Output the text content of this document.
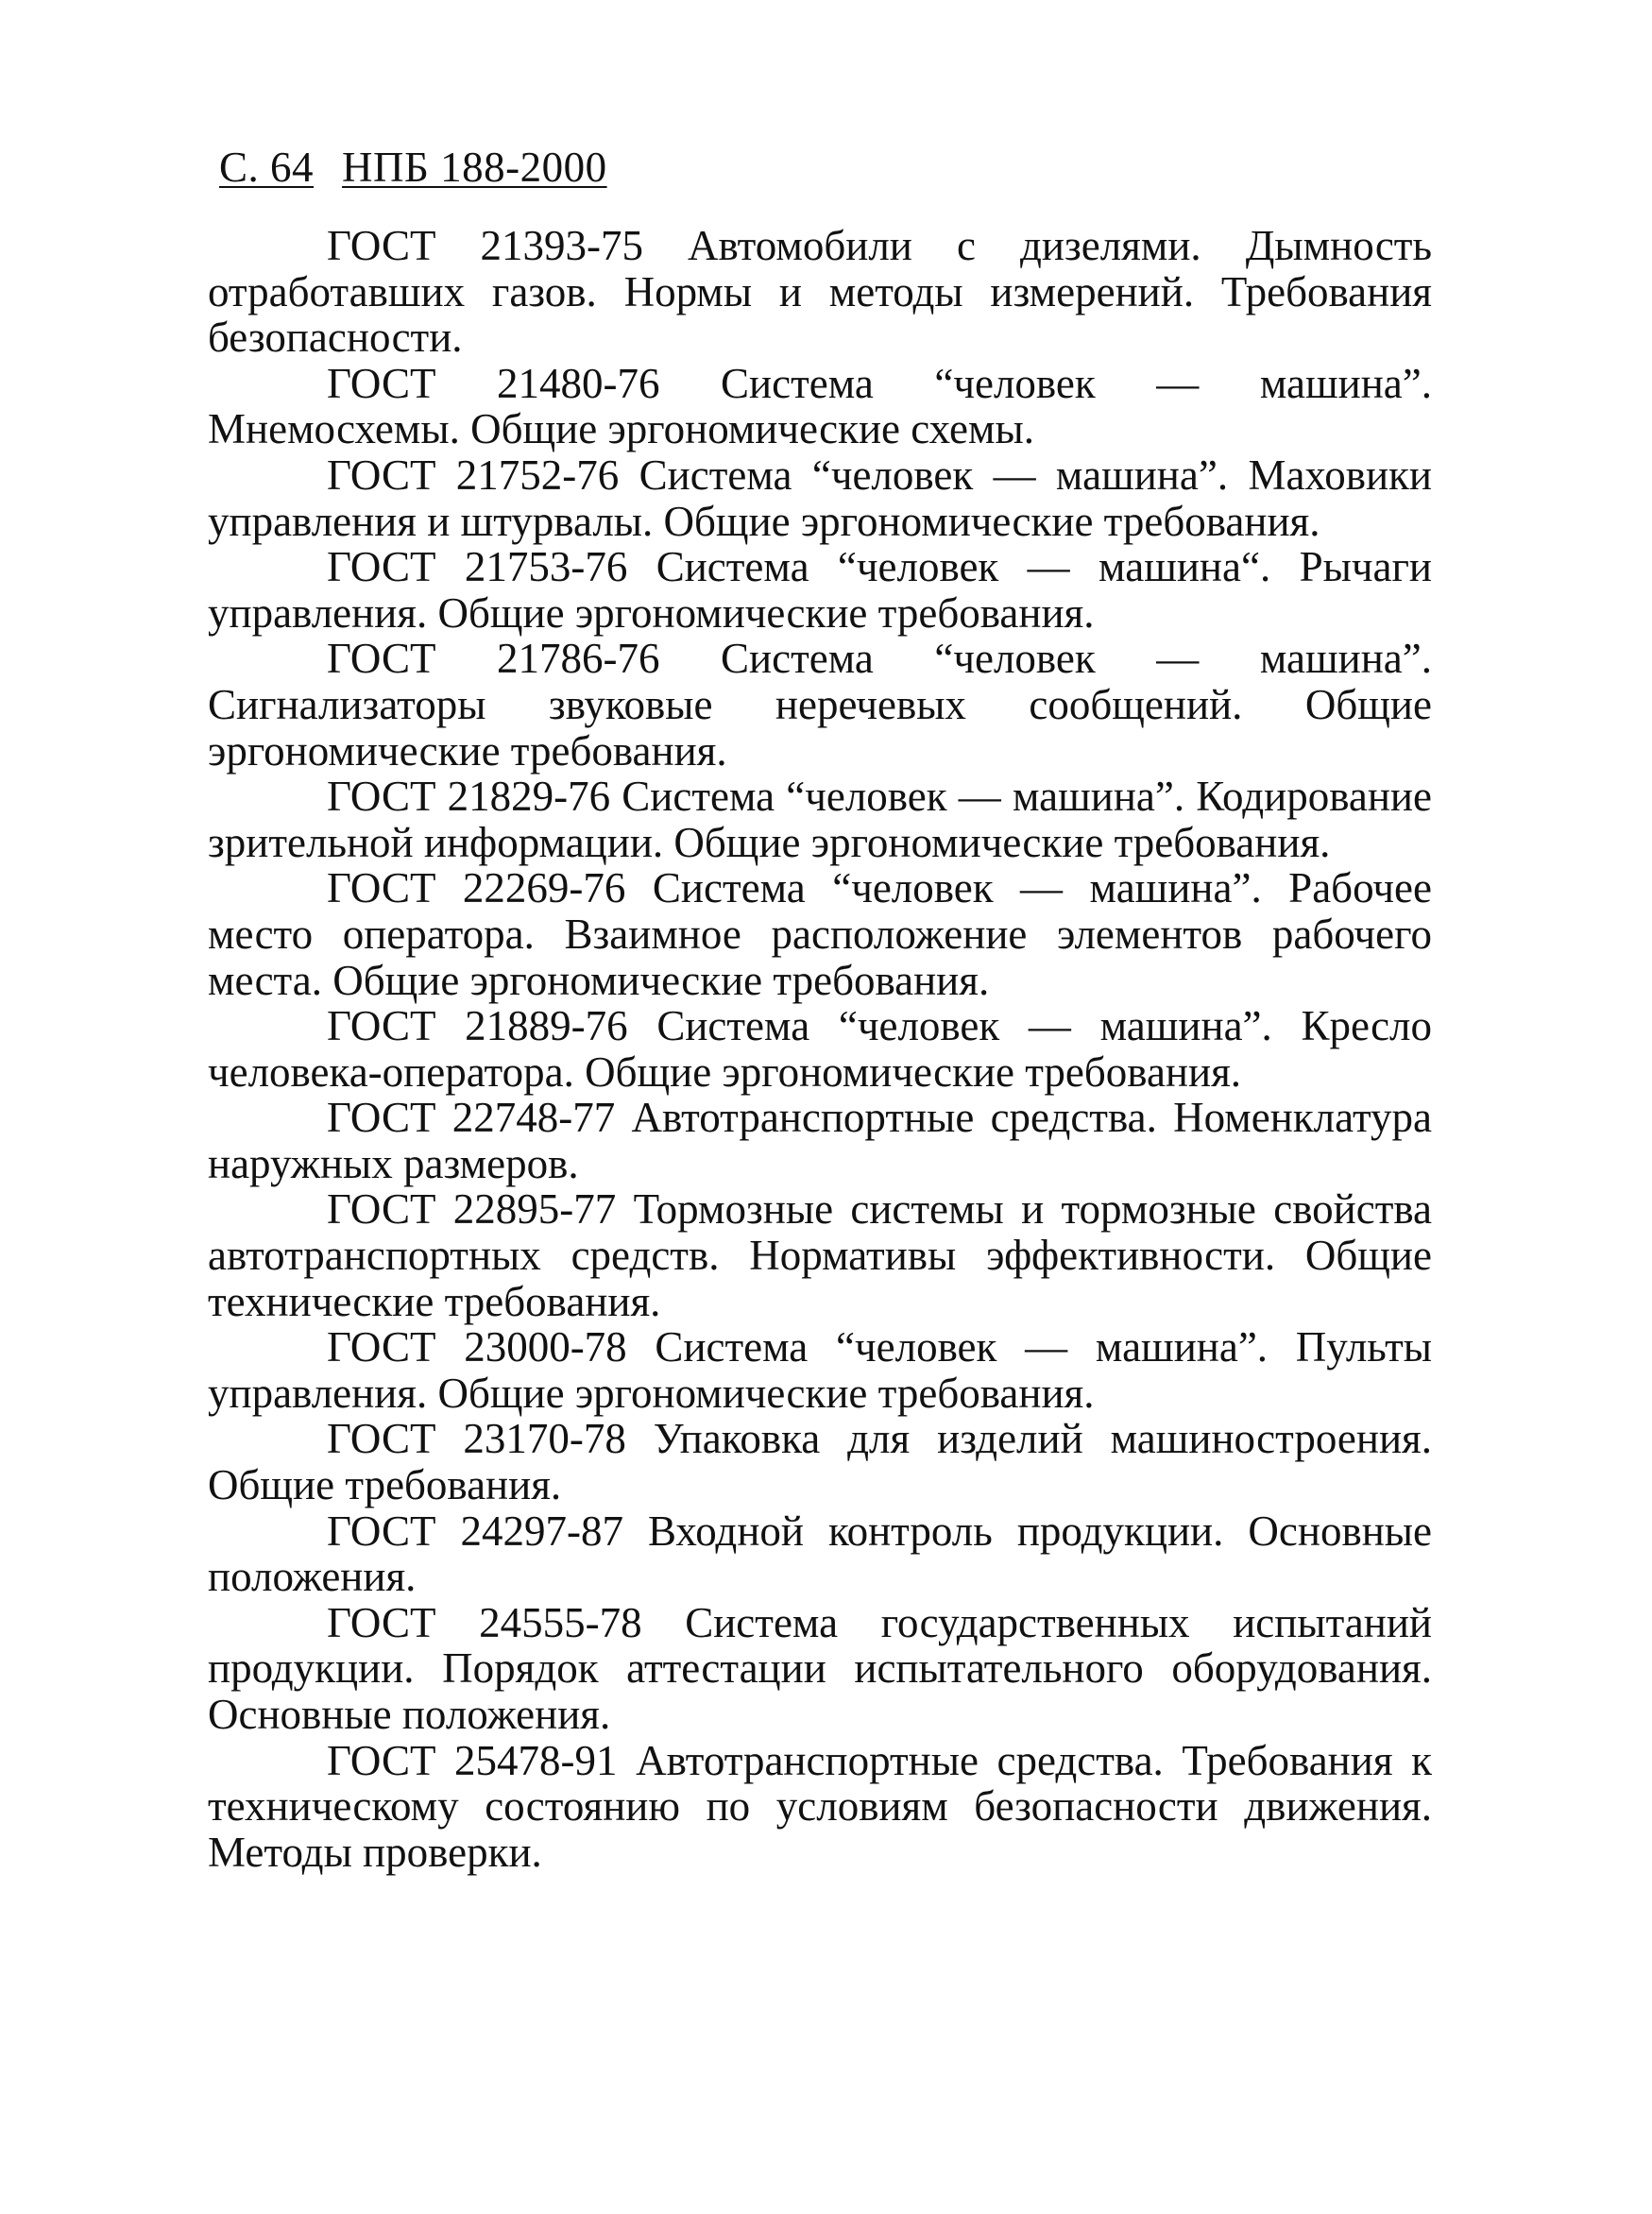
С. 64 НПБ 188-2000

ГОСТ 21393-75 Автомобили с дизелями. Дымность отработавших газов. Нормы и методы измерений. Требования безопасности.

ГОСТ 21480-76 Система “человек — машина”. Мнемосхемы. Общие эргономические схемы.

ГОСТ 21752-76 Система “человек — машина”. Маховики управления и штурвалы. Общие эргономические требования.

ГОСТ 21753-76 Система “человек — машина“. Рычаги управления. Общие эргономические требования.

ГОСТ 21786-76 Система “человек — машина”. Сигнализаторы звуковые неречевых сообщений. Общие эргономические требования.

ГОСТ 21829-76 Система “человек — машина”. Кодирование зрительной информации. Общие эргономические требования.

ГОСТ 22269-76 Система “человек — машина”. Рабочее место оператора. Взаимное расположение элементов рабочего места. Общие эргономические требования.

ГОСТ 21889-76 Система “человек — машина”. Кресло человека-оператора. Общие эргономические требования.

ГОСТ 22748-77 Автотранспортные средства. Номенклатура наружных размеров.

ГОСТ 22895-77 Тормозные системы и тормозные свойства автотранспортных средств. Нормативы эффективности. Общие технические требования.

ГОСТ 23000-78 Система “человек — машина”. Пульты управления. Общие эргономические требования.

ГОСТ 23170-78 Упаковка для изделий машиностроения. Общие требования.

ГОСТ 24297-87 Входной контроль продукции. Основные положения.

ГОСТ 24555-78 Система государственных испытаний продукции. Порядок аттестации испытательного оборудования. Основные положения.

ГОСТ 25478-91 Автотранспортные средства. Требования к техническому состоянию по условиям безопасности движения. Методы проверки.
